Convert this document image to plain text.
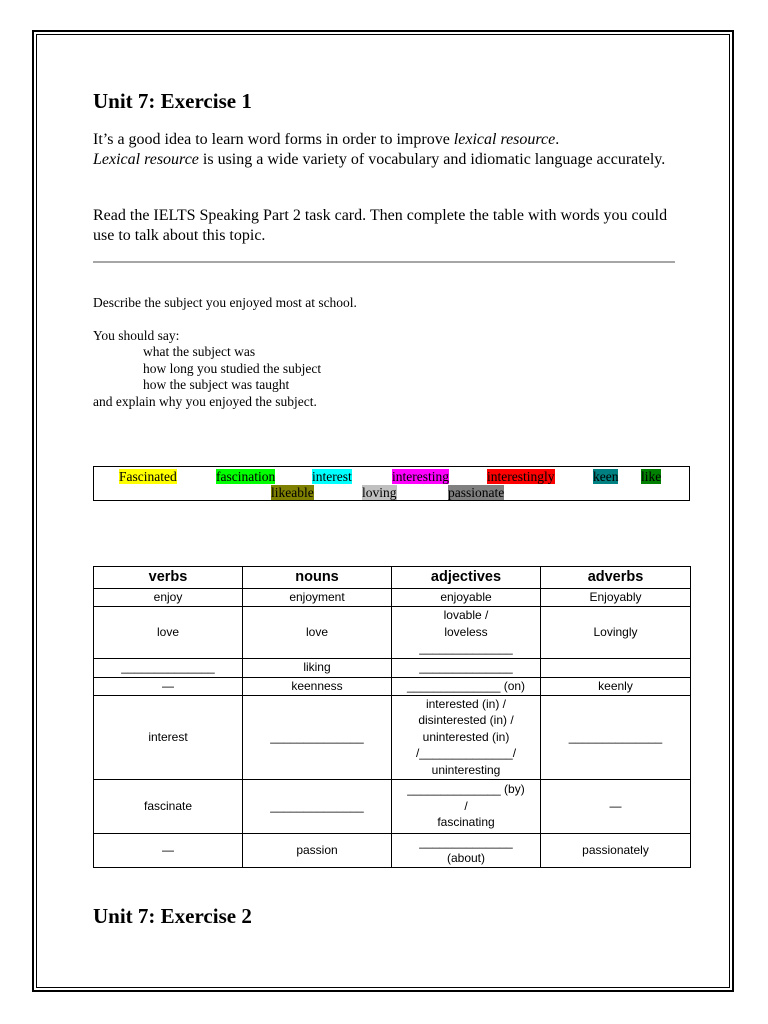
Unit 7: Exercise 1

It’s a good idea to learn word forms in order to improve lexical resource.
Lexical resource is using a wide variety of vocabulary and idiomatic language accurately.

Read the IELTS Speaking Part 2 task card. Then complete the table with words you could use to talk about this topic.

Describe the subject you enjoyed most at school.
You should say:
what the subject was
how long you studied the subject
how the subject was taught
and explain why you enjoyed the subject.
Fascinated	fascination	interest	interesting	interestingly	keen like
likeable	loving	passionate
verbs	nouns	adjectives	adverbs
enjoy	enjoyment	enjoyable	Enjoyably
love	love	lovable /
loveless
______________	Lovingly
______________	liking	______________	
—	keenness	______________ (on)	keenly
interest	______________	interested (in) /
disinterested (in) /
uninterested (in)
/______________/
uninteresting	______________
fascinate	______________	______________ (by)
/
fascinating	—
—	passion	______________
(about)	passionately
Unit 7: Exercise 2
